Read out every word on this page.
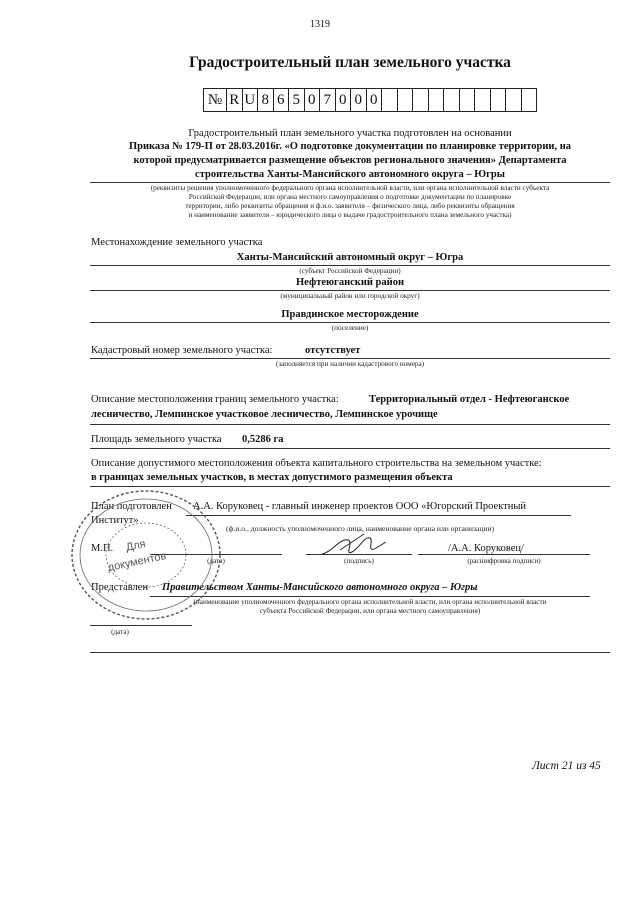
1319
Градостроительный план земельного участка
№	R	U	8	6	5	0	7	0	0	0										
Градостроительный план земельного участка подготовлен на основании
Приказа № 179-П от 28.03.2016г. «О подготовке документации по планировке территории, на
которой предусматривается размещение объектов регионального значения» Департамента
строительства Ханты-Мансийского автономного округа – Югры
(реквизиты решения уполномоченного федерального органа исполнительной власти, или органа исполнительной власти субъекта
Российской Федерации, или органа местного самоуправления о подготовке документации по планировке
территории, либо реквизиты обращения и ф.и.о. заявителя – физического лица, либо реквизиты обращения
и наименование заявителя – юридического лица о выдаче градостроительного плана земельного участка)
Местонахождение земельного участка
Ханты-Мансийский автономный округ – Югра
(субъект Российской Федерации)
Нефтеюганский район
(муниципальный район или городской округ)
Правдинское месторождение
(поселение)
Кадастровый номер земельного участка:	отсутствует
(заполняется при наличии кадастрового номера)
Описание местоположения границ земельного участка:	Территориальный отдел - Нефтеюганское
лесничество, Лемпинское участковое лесничество, Лемпинское урочище
Площадь земельного участка 0,5286 га
Описание допустимого местоположения объекта капитального строительства на земельном участке:
в границах земельных участков, в местах допустимого размещения объекта
План подготовлен А.А. Коруковец - главный инженер проектов ООО «Югорский Проектный
Институт»
(ф.и.о., должность уполномоченного лица, наименование органа или организации)
М.П.
(дата)	(подпись)
/А.А. Коруковец/
(расшифровка подписи)
Представлен Правительством Ханты-Мансийского автономного округа – Югры
(наименование уполномоченного федерального органа исполнительной власти, или органа исполнительной власти
субъекта Российской Федерации, или органа местного самоуправления)
(дата)
Для
документов
Лист 21 из 45
